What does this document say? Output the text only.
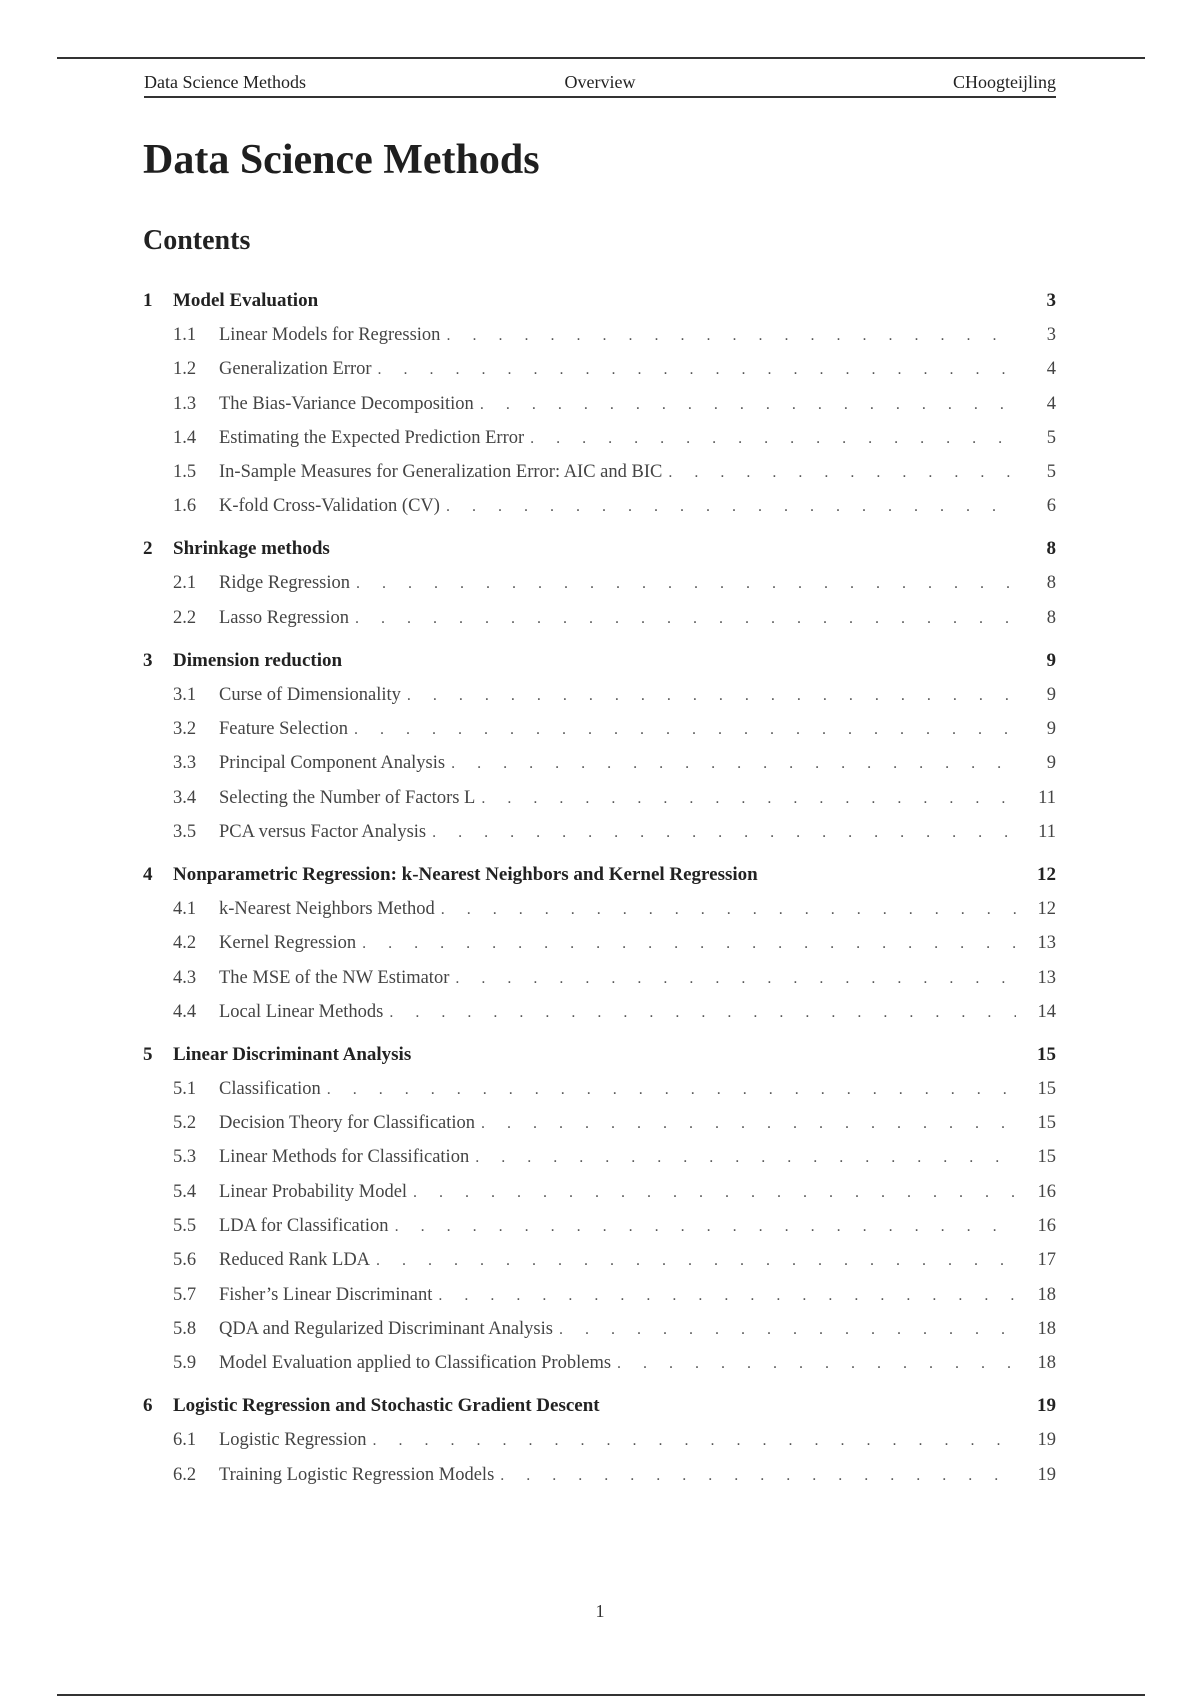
Data Science Methods	Overview	CHoogteijling
Data Science Methods
Contents
1 Model Evaluation	3
1.1	Linear Models for Regression . . .	3
1.2	Generalization Error . . .	4
1.3	The Bias-Variance Decomposition . . .	4
1.4	Estimating the Expected Prediction Error . . .	5
1.5	In-Sample Measures for Generalization Error: AIC and BIC . . .	5
1.6	K-fold Cross-Validation (CV) . . .	6
2 Shrinkage methods	8
2.1	Ridge Regression . . .	8
2.2	Lasso Regression . . .	8
3 Dimension reduction	9
3.1	Curse of Dimensionality . . .	9
3.2	Feature Selection . . .	9
3.3	Principal Component Analysis . . .	9
3.4	Selecting the Number of Factors L . . .	11
3.5	PCA versus Factor Analysis . . .	11
4 Nonparametric Regression: k-Nearest Neighbors and Kernel Regression	12
4.1	k-Nearest Neighbors Method . . .	12
4.2	Kernel Regression . . .	13
4.3	The MSE of the NW Estimator . . .	13
4.4	Local Linear Methods . . .	14
5 Linear Discriminant Analysis	15
5.1	Classification . . .	15
5.2	Decision Theory for Classification . . .	15
5.3	Linear Methods for Classification . . .	15
5.4	Linear Probability Model . . .	16
5.5	LDA for Classification . . .	16
5.6	Reduced Rank LDA . . .	17
5.7	Fisher’s Linear Discriminant . . .	18
5.8	QDA and Regularized Discriminant Analysis . . .	18
5.9	Model Evaluation applied to Classification Problems . . .	18
6 Logistic Regression and Stochastic Gradient Descent	19
6.1	Logistic Regression . . .	19
6.2	Training Logistic Regression Models . . .	19
1
